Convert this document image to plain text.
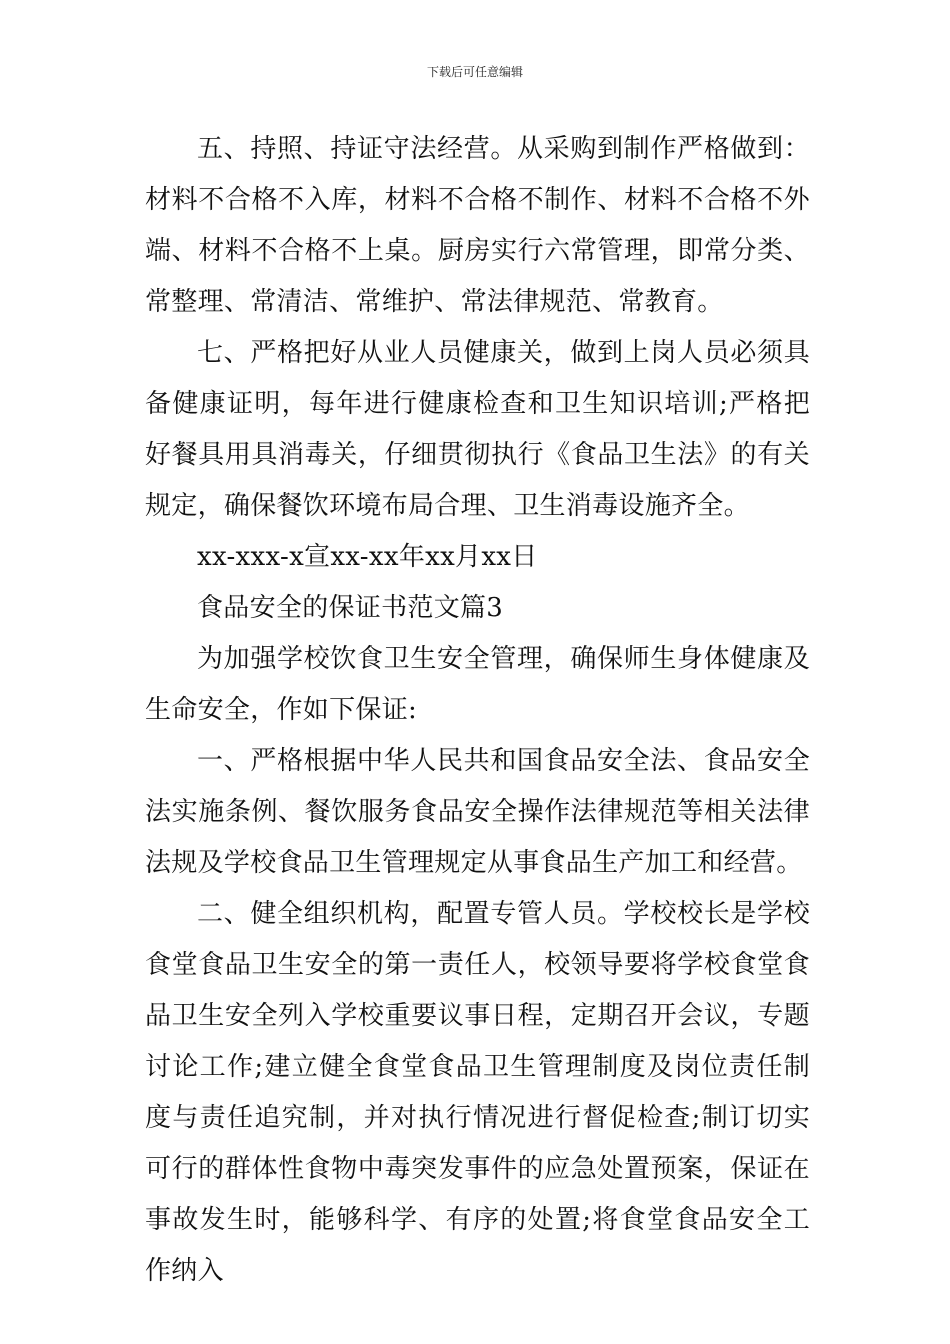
下载后可任意编辑

五、持照、持证守法经营。从采购到制作严格做到：材料不合格不入库，材料不合格不制作、材料不合格不外端、材料不合格不上桌。厨房实行六常管理，即常分类、常整理、常清洁、常维护、常法律规范、常教育。

七、严格把好从业人员健康关，做到上岗人员必须具备健康证明，每年进行健康检查和卫生知识培训;严格把好餐具用具消毒关，仔细贯彻执行《食品卫生法》的有关规定，确保餐饮环境布局合理、卫生消毒设施齐全。

xx-xxx-x宣xx-xx年xx月xx日

食品安全的保证书范文篇3

为加强学校饮食卫生安全管理，确保师生身体健康及生命安全，作如下保证:

一、严格根据中华人民共和国食品安全法、食品安全法实施条例、餐饮服务食品安全操作法律规范等相关法律法规及学校食品卫生管理规定从事食品生产加工和经营。

二、健全组织机构，配置专管人员。学校校长是学校食堂食品卫生安全的第一责任人，校领导要将学校食堂食品卫生安全列入学校重要议事日程，定期召开会议，专题讨论工作;建立健全食堂食品卫生管理制度及岗位责任制度与责任追究制，并对执行情况进行督促检查;制订切实可行的群体性食物中毒突发事件的应急处置预案，保证在事故发生时，能够科学、有序的处置;将食堂食品安全工作纳入
